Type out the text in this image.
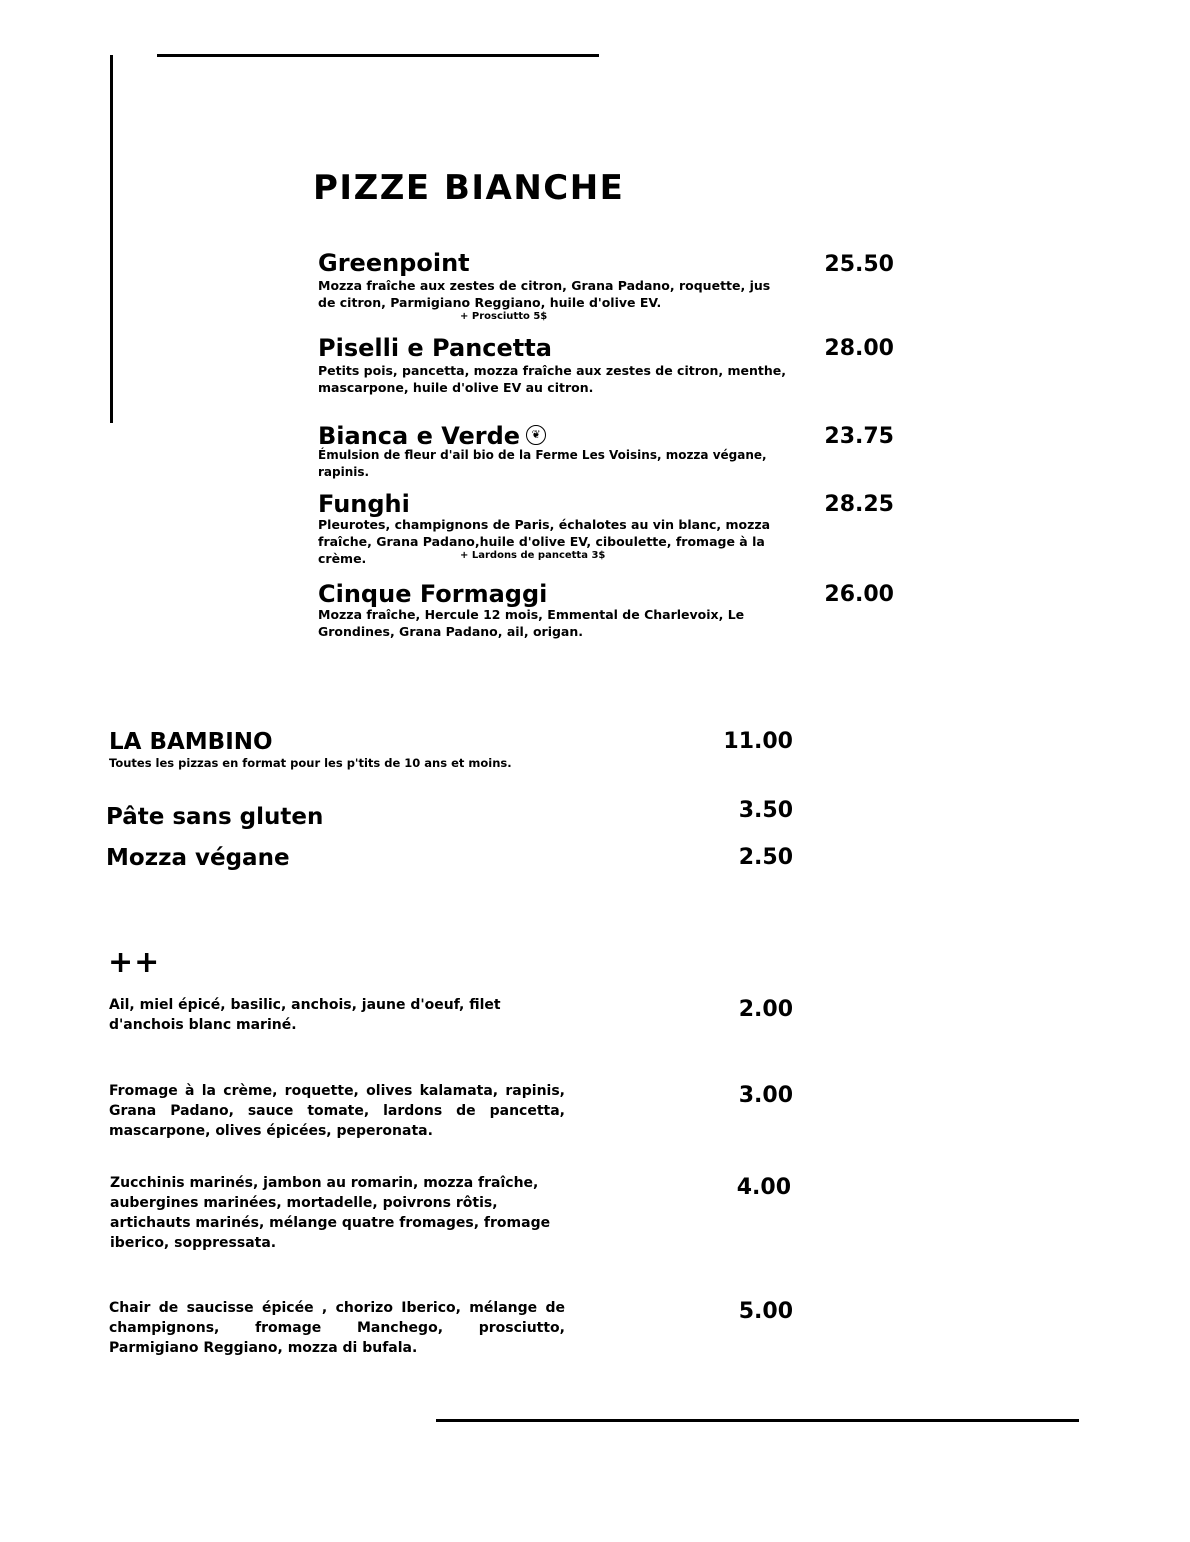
PIZZE BIANCHE
Greenpoint	25.50
Mozza fraîche aux zestes de citron, Grana Padano, roquette, jus de citron, Parmigiano Reggiano, huile d'olive EV.
+ Prosciutto 5$
Piselli e Pancetta	28.00
Petits pois, pancetta, mozza fraîche aux zestes de citron, menthe, mascarpone, huile d'olive EV au citron.
Bianca e Verde ❦	23.75
Émulsion de fleur d'ail bio de la Ferme Les Voisins, mozza végane, rapinis.
Funghi	28.25
Pleurotes, champignons de Paris, échalotes au vin blanc, mozza fraîche, Grana Padano,huile d'olive EV, ciboulette, fromage à la crème.	+ Lardons de pancetta 3$
Cinque Formaggi	26.00
Mozza fraîche, Hercule 12 mois, Emmental de Charlevoix, Le Grondines, Grana Padano, ail, origan.
LA BAMBINO	11.00
Toutes les pizzas en format pour les p'tits de 10 ans et moins.
Pâte sans gluten	3.50
Mozza végane	2.50
++
Ail, miel épicé, basilic, anchois, jaune d'oeuf, filet d'anchois blanc mariné.
2.00
Fromage à la crème, roquette, olives kalamata, rapinis, Grana Padano, sauce tomate, lardons de pancetta, mascarpone, olives épicées, peperonata.
3.00
Zucchinis marinés, jambon au romarin, mozza fraîche, aubergines marinées, mortadelle, poivrons rôtis, artichauts marinés, mélange quatre fromages, fromage iberico, soppressata.
4.00
Chair de saucisse épicée , chorizo Iberico, mélange de champignons, fromage Manchego, prosciutto, Parmigiano Reggiano, mozza di bufala.
5.00
